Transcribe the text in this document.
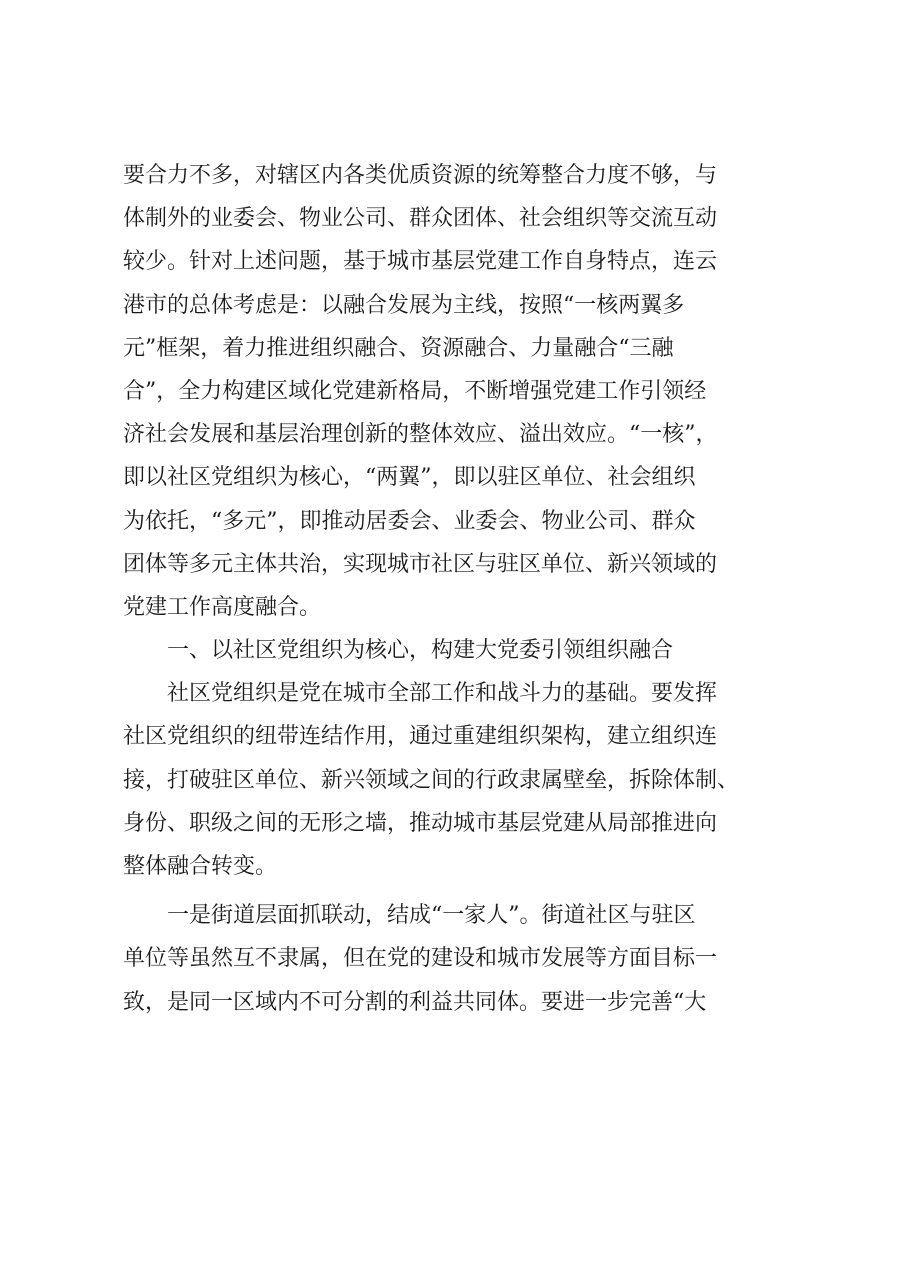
要合力不多，对辖区内各类优质资源的统筹整合力度不够，与
体制外的业委会、物业公司、群众团体、社会组织等交流互动
较少。针对上述问题，基于城市基层党建工作自身特点，连云
港市的总体考虑是：以融合发展为主线，按照“一核两翼多
元”框架，着力推进组织融合、资源融合、力量融合“三融
合”，全力构建区域化党建新格局，不断增强党建工作引领经
济社会发展和基层治理创新的整体效应、溢出效应。“一核”，
即以社区党组织为核心，“两翼”，即以驻区单位、社会组织
为依托，“多元”，即推动居委会、业委会、物业公司、群众
团体等多元主体共治，实现城市社区与驻区单位、新兴领域的
党建工作高度融合。
一、以社区党组织为核心，构建大党委引领组织融合
社区党组织是党在城市全部工作和战斗力的基础。要发挥
社区党组织的纽带连结作用，通过重建组织架构，建立组织连
接，打破驻区单位、新兴领域之间的行政隶属壁垒，拆除体制、
身份、职级之间的无形之墙，推动城市基层党建从局部推进向
整体融合转变。
一是街道层面抓联动，结成“一家人”。街道社区与驻区
单位等虽然互不隶属，但在党的建设和城市发展等方面目标一
致，是同一区域内不可分割的利益共同体。要进一步完善“大
